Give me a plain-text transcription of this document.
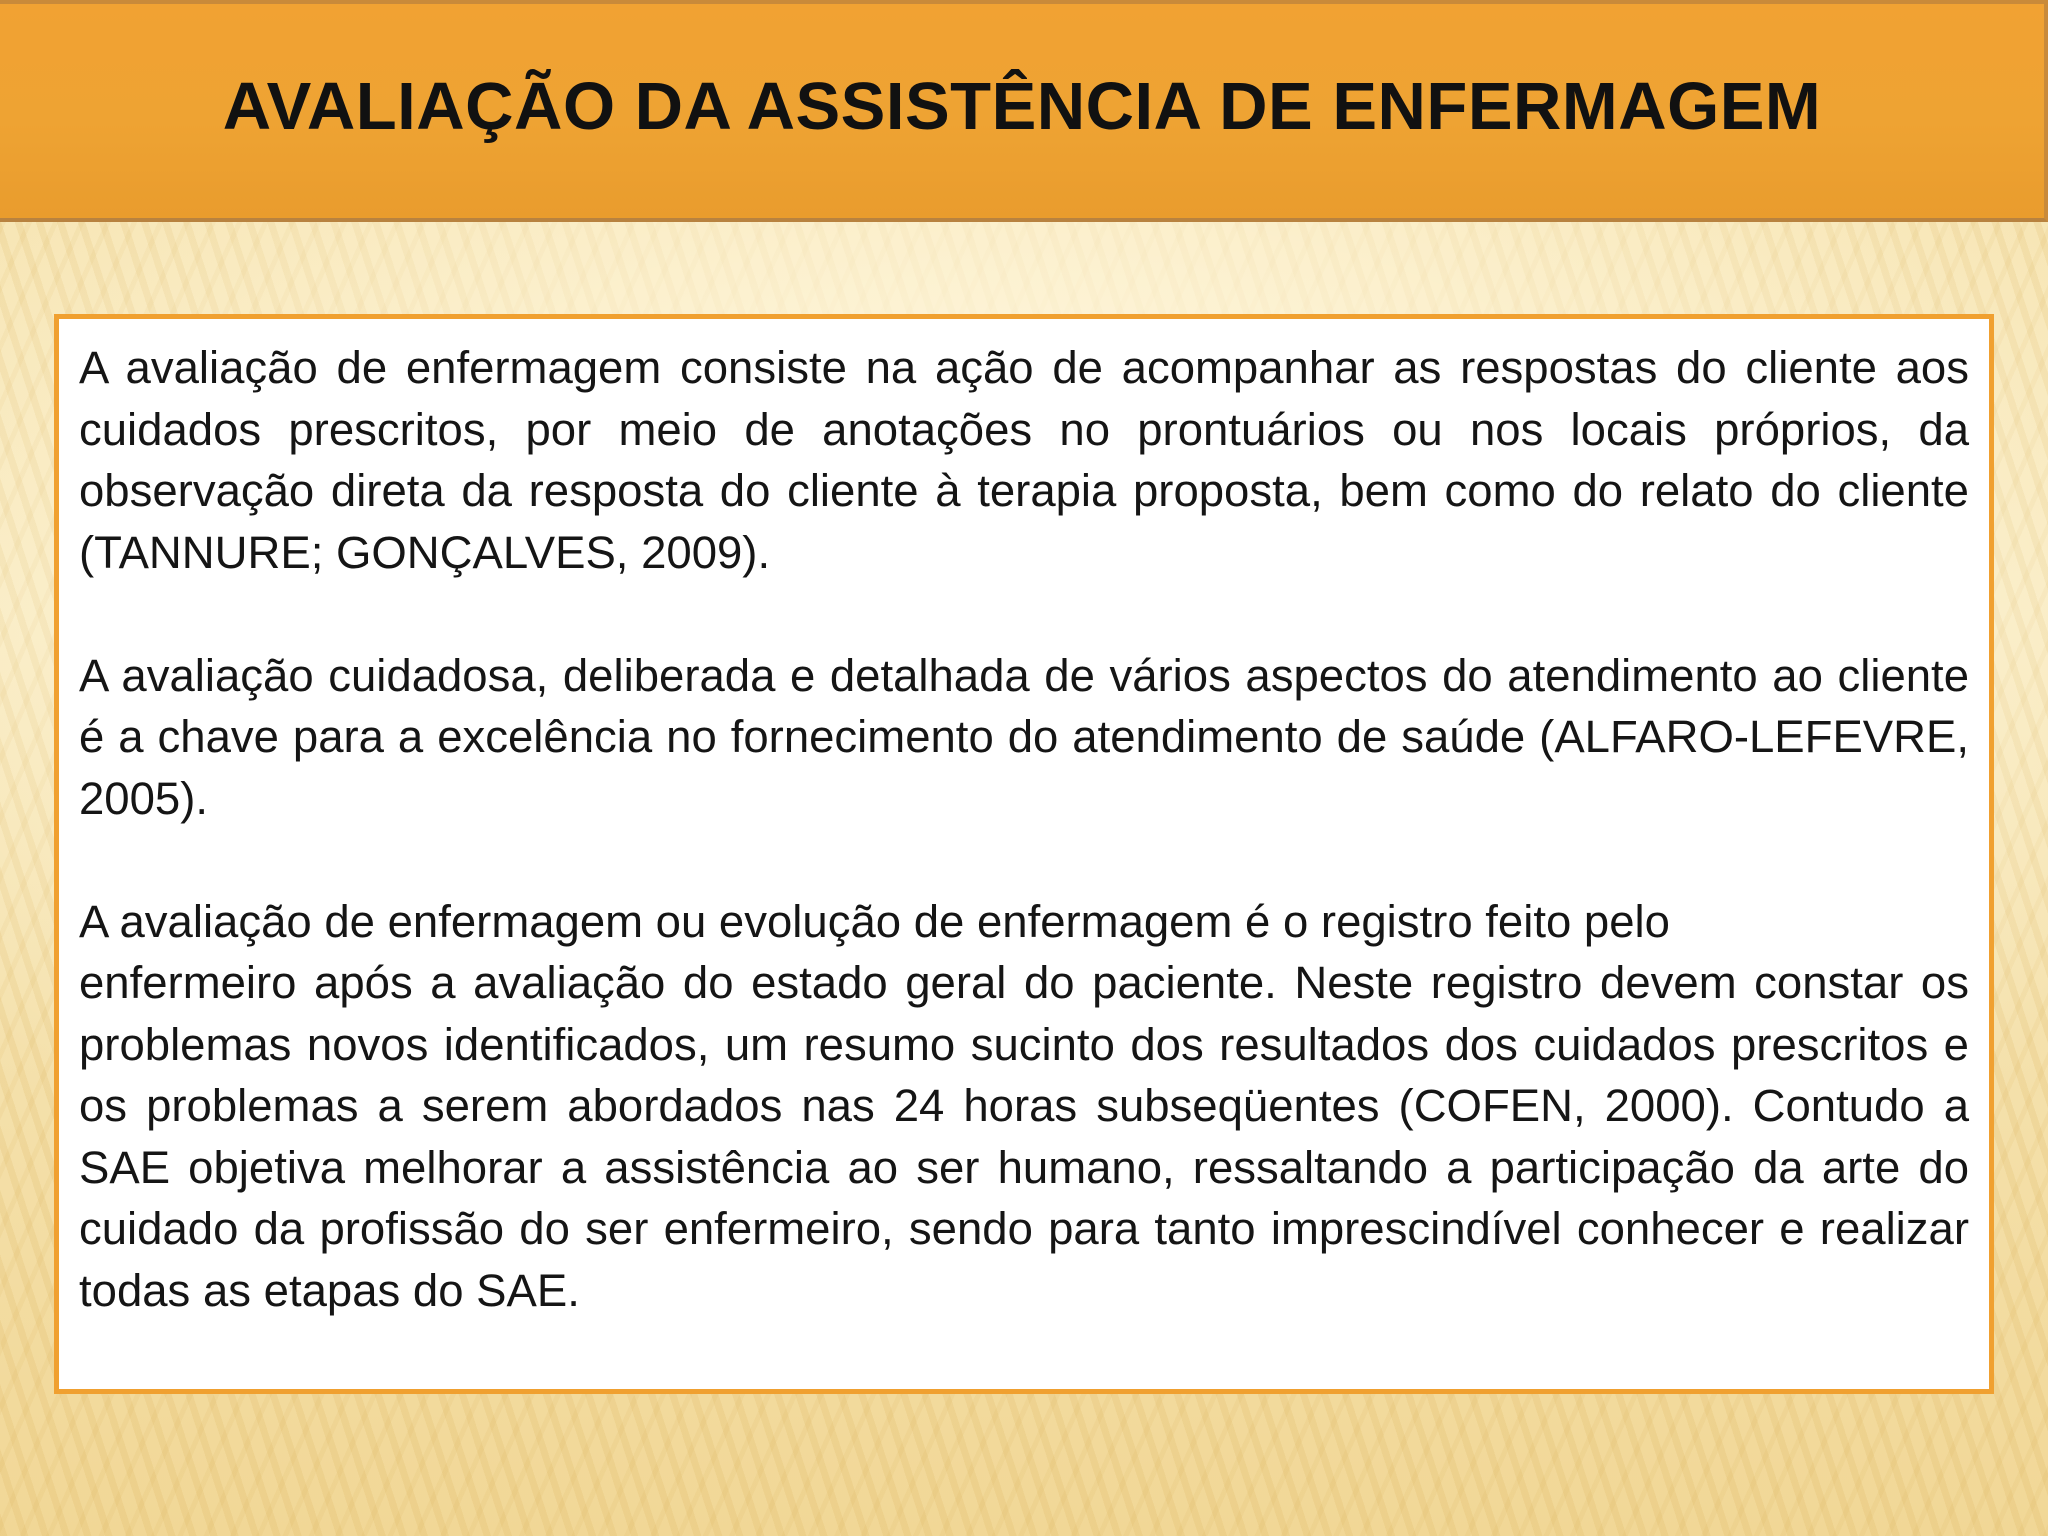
AVALIAÇÃO DA ASSISTÊNCIA DE ENFERMAGEM

A avaliação de enfermagem consiste na ação de acompanhar as respostas do cliente aos cuidados prescritos, por meio de anotações no prontuários ou nos locais próprios, da observação direta da resposta do cliente à terapia proposta, bem como do relato do cliente (TANNURE; GONÇALVES, 2009).

A avaliação cuidadosa, deliberada e detalhada de vários aspectos do atendimento ao cliente é a chave para a excelência no fornecimento do atendimento de saúde (ALFARO-LEFEVRE, 2005).

A avaliação de enfermagem ou evolução de enfermagem é o registro feito pelo
enfermeiro após a avaliação do estado geral do paciente. Neste registro devem constar os problemas novos identificados, um resumo sucinto dos resultados dos cuidados prescritos e os problemas a serem abordados nas 24 horas subseqüentes (COFEN, 2000). Contudo a SAE objetiva melhorar a assistência ao ser humano, ressaltando a participação da arte do cuidado da profissão do ser enfermeiro, sendo para tanto imprescindível conhecer e realizar todas as etapas do SAE.
